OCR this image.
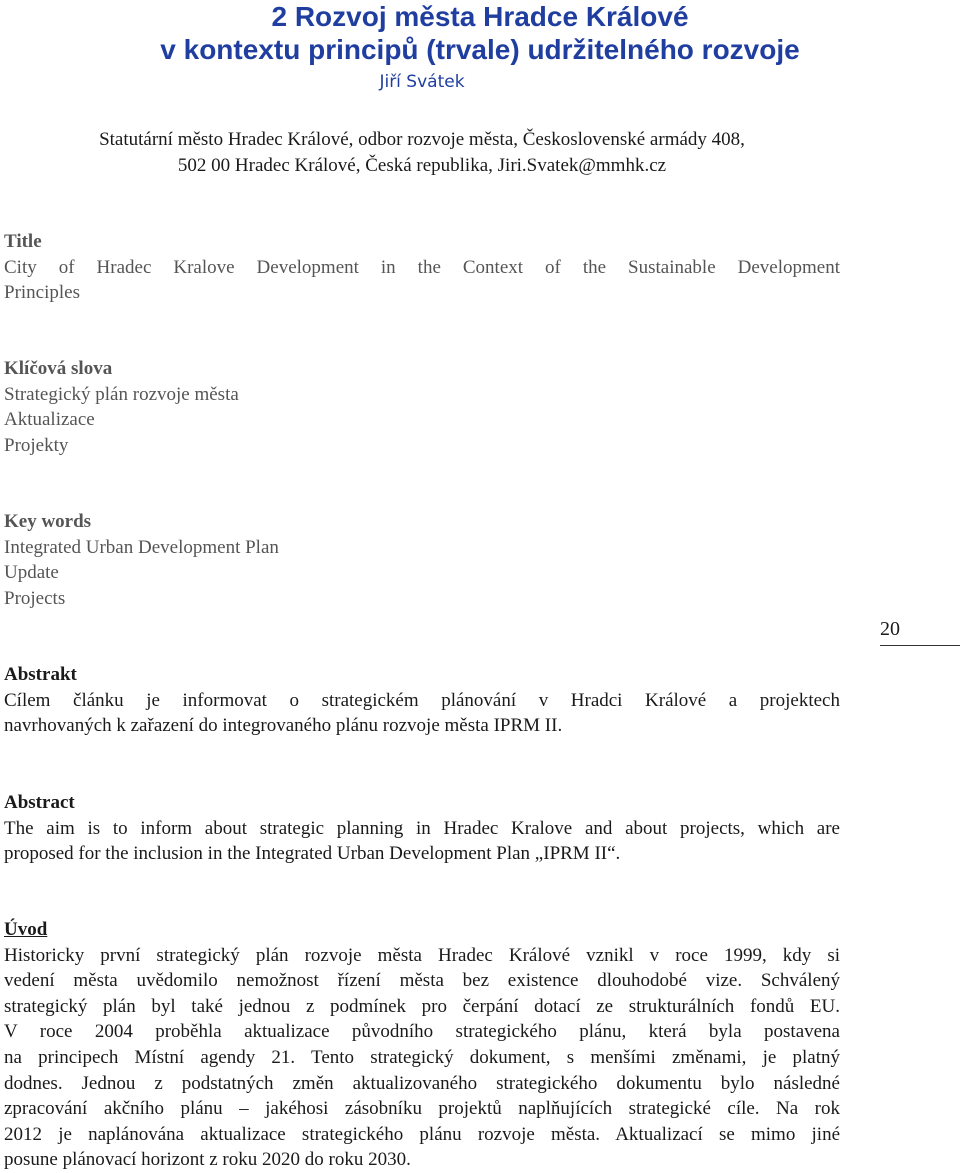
2 Rozvoj města Hradce Králové
v kontextu principů (trvale) udržitelného rozvoje
Jiří Svátek
Statutární město Hradec Králové, odbor rozvoje města, Československé armády 408,
502 00 Hradec Králové, Česká republika, Jiri.Svatek@mmhk.cz
Title
City of Hradec Kralove Development in the Context of the Sustainable Development
Principles
Klíčová slova
Strategický plán rozvoje města
Aktualizace
Projekty
Key words
Integrated Urban Development Plan
Update
Projects
20
Abstrakt
Cílem článku je informovat o strategickém plánování v Hradci Králové a projektech
navrhovaných k zařazení do integrovaného plánu rozvoje města IPRM II.
Abstract
The aim is to inform about strategic planning in Hradec Kralove and about projects, which are
proposed for the inclusion in the Integrated Urban Development Plan „IPRM II“.
Úvod
Historicky první strategický plán rozvoje města Hradec Králové vznikl v roce 1999, kdy si
vedení města uvědomilo nemožnost řízení města bez existence dlouhodobé vize. Schválený
strategický plán byl také jednou z podmínek pro čerpání dotací ze strukturálních fondů EU.
V roce 2004 proběhla aktualizace původního strategického plánu, která byla postavena
na principech Místní agendy 21. Tento strategický dokument, s menšími změnami, je platný
dodnes. Jednou z podstatných změn aktualizovaného strategického dokumentu bylo následné
zpracování akčního plánu – jakéhosi zásobníku projektů naplňujících strategické cíle. Na rok
2012 je naplánována aktualizace strategického plánu rozvoje města. Aktualizací se mimo jiné
posune plánovací horizont z roku 2020 do roku 2030.
